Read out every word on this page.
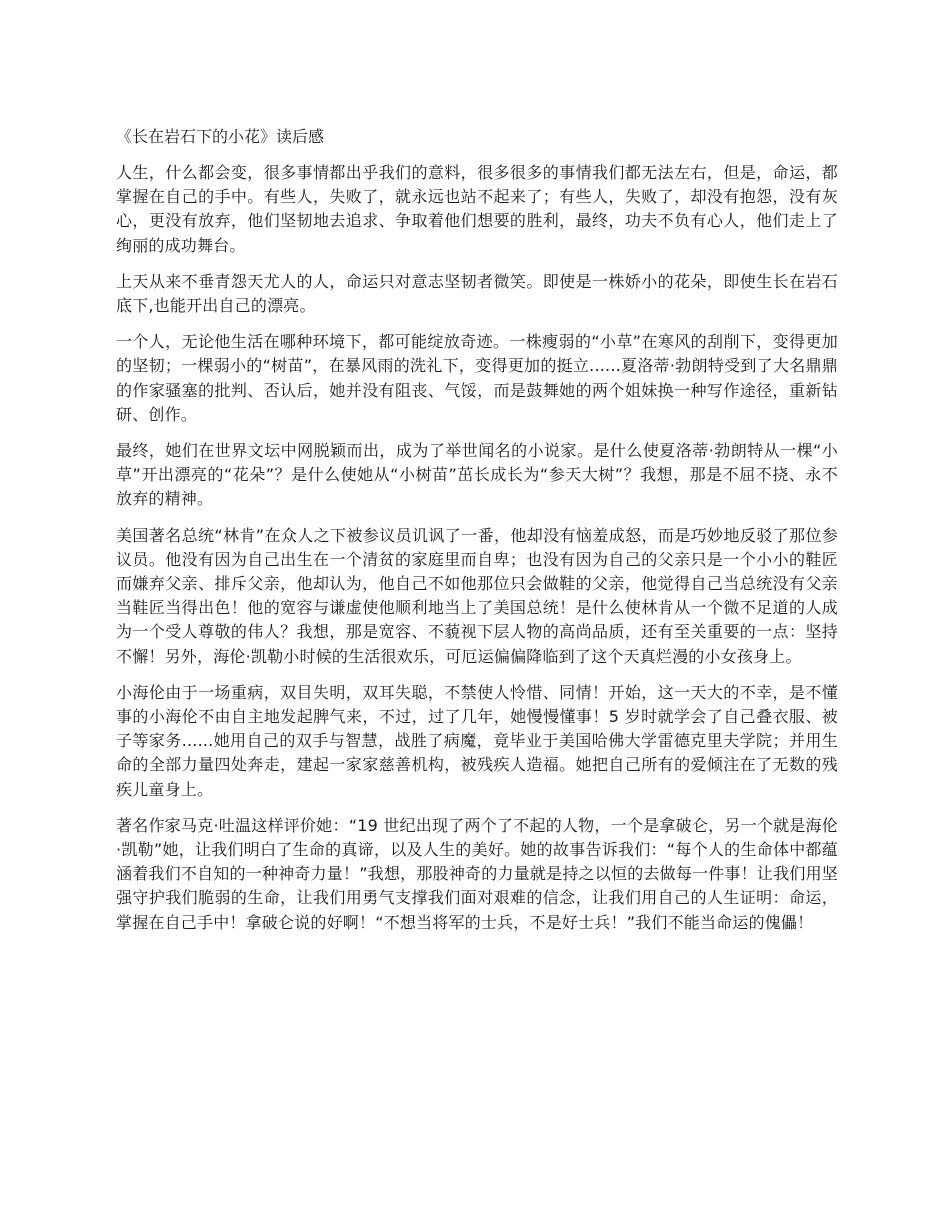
《长在岩石下的小花》读后感

人生，什么都会变，很多事情都出乎我们的意料，很多很多的事情我们都无法左右，但是，命运，都掌握在自己的手中。有些人，失败了，就永远也站不起来了；有些人，失败了，却没有抱怨，没有灰心，更没有放弃，他们坚韧地去追求、争取着他们想要的胜利，最终，功夫不负有心人，他们走上了绚丽的成功舞台。

上天从来不垂青怨天尤人的人，命运只对意志坚韧者微笑。即使是一株娇小的花朵，即使生长在岩石底下,也能开出自己的漂亮。

一个人，无论他生活在哪种环境下，都可能绽放奇迹。一株瘦弱的“小草”在寒风的刮削下，变得更加的坚韧；一棵弱小的“树苗”，在暴风雨的洗礼下，变得更加的挺立......夏洛蒂·勃朗特受到了大名鼎鼎的作家骚塞的批判、否认后，她并没有阻丧、气馁，而是鼓舞她的两个姐妹换一种写作途径，重新钻研、创作。

最终，她们在世界文坛中网脱颖而出，成为了举世闻名的小说家。是什么使夏洛蒂·勃朗特从一棵“小草”开出漂亮的“花朵”？是什么使她从“小树苗”茁长成长为“参天大树”？我想，那是不屈不挠、永不放弃的精神。

美国著名总统“林肯”在众人之下被参议员讥讽了一番，他却没有恼羞成怒，而是巧妙地反驳了那位参议员。他没有因为自己出生在一个清贫的家庭里而自卑；也没有因为自己的父亲只是一个小小的鞋匠而嫌弃父亲、排斥父亲，他却认为，他自己不如他那位只会做鞋的父亲，他觉得自己当总统没有父亲当鞋匠当得出色！他的宽容与谦虚使他顺利地当上了美国总统！是什么使林肯从一个微不足道的人成为一个受人尊敬的伟人？我想，那是宽容、不藐视下层人物的高尚品质，还有至关重要的一点：坚持不懈！另外，海伦·凯勒小时候的生活很欢乐，可厄运偏偏降临到了这个天真烂漫的小女孩身上。

小海伦由于一场重病，双目失明，双耳失聪，不禁使人怜惜、同情！开始，这一天大的不幸，是不懂事的小海伦不由自主地发起脾气来，不过，过了几年，她慢慢懂事！5 岁时就学会了自己叠衣服、被子等家务......她用自己的双手与智慧，战胜了病魔，竟毕业于美国哈佛大学雷德克里夫学院；并用生命的全部力量四处奔走，建起一家家慈善机构，被残疾人造福。她把自己所有的爱倾注在了无数的残疾儿童身上。

著名作家马克·吐温这样评价她：“19 世纪出现了两个了不起的人物，一个是拿破仑，另一个就是海伦·凯勒”她，让我们明白了生命的真谛，以及人生的美好。她的故事告诉我们：“每个人的生命体中都蕴涵着我们不自知的一种神奇力量！”我想，那股神奇的力量就是持之以恒的去做每一件事！让我们用坚强守护我们脆弱的生命，让我们用勇气支撑我们面对艰难的信念，让我们用自己的人生证明：命运，掌握在自己手中！拿破仑说的好啊！“不想当将军的士兵，不是好士兵！”我们不能当命运的傀儡！
